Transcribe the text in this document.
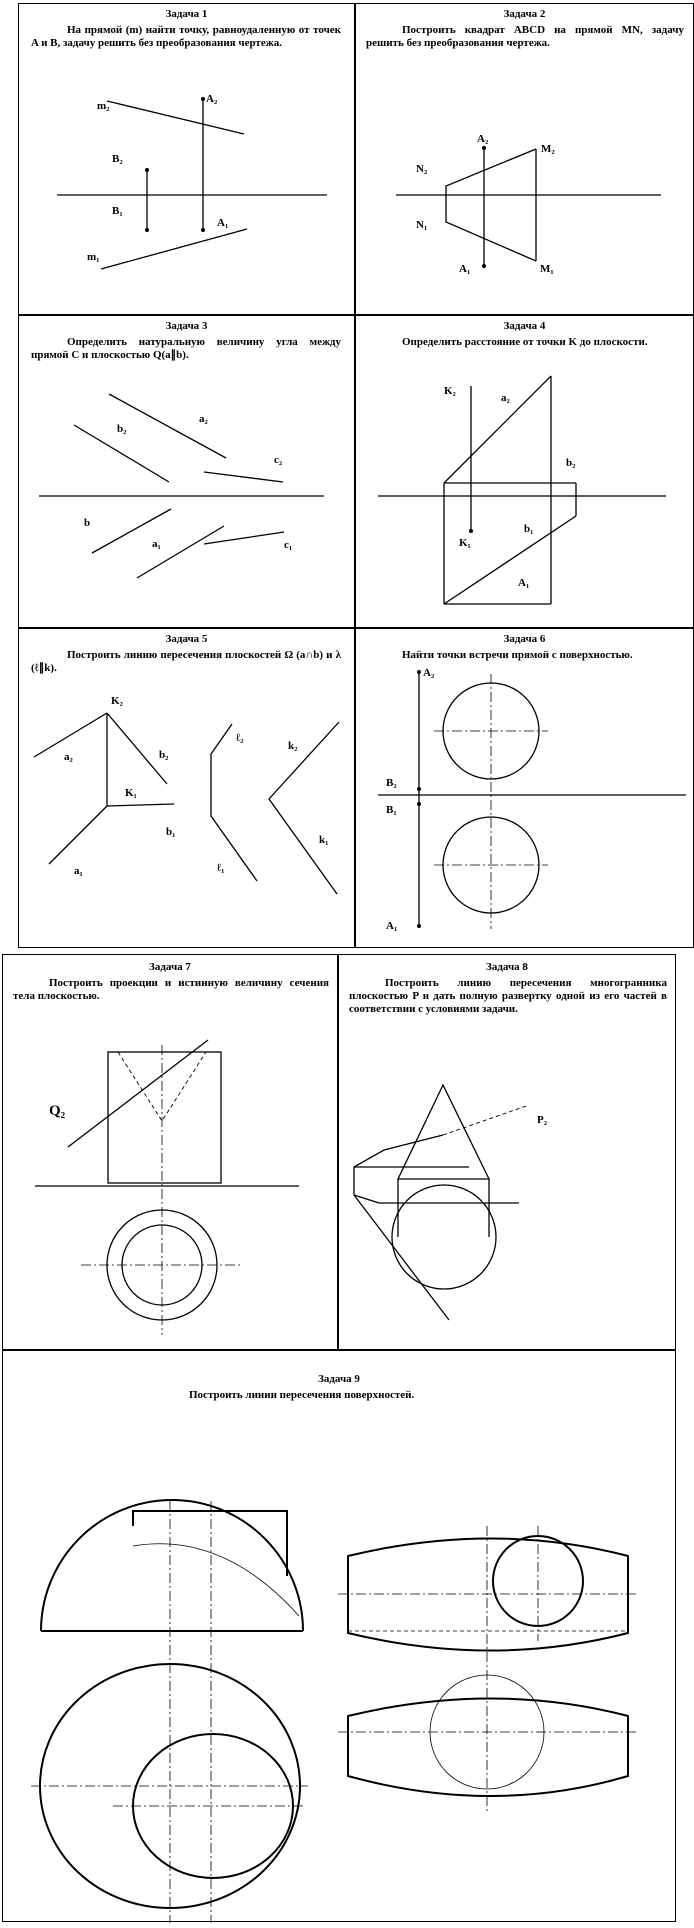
Задача 1
На прямой (m) найти точку, равноудаленную от точек A и B, задачу решить без преобразования чертежа.
m₂
A₂
B₂
B₁
A₁
m₁
Задача 2
Построить квадрат ABCD на прямой MN, задачу решить без преобразования чертежа.
A₂
N₂
M₂
N₁
A₁	M₁
Задача 3
Определить натуральную величину угла между прямой C и плоскостью Q(a∥b).
a₂
b₂
c₂
b
a₁	c₁
Задача 4
Определить расстояние от точки K до плоскости.
K₂
a₂
b₂
K₁
b₁
A₁
Задача 5
Построить линию пересечения плоскостей Ω (a∩b) и λ (ℓ∥k).
K₂
a₂	b₂
K₁
b₁
a₁
ℓ₂
k₂
ℓ₁
k₁
Задача 6
Найти точки встречи прямой с поверхностью.
A₂
B₂
B₁
A₁
Задача 7
Построить проекции и истинную величину сечения тела плоскостью.
Q₂
Задача 8
Построить линию пересечения многогранника плоскостью P и дать полную развертку одной из его частей в соответствии с условиями задачи.
P₂
Задача 9
Построить линии пересечения поверхностей.
